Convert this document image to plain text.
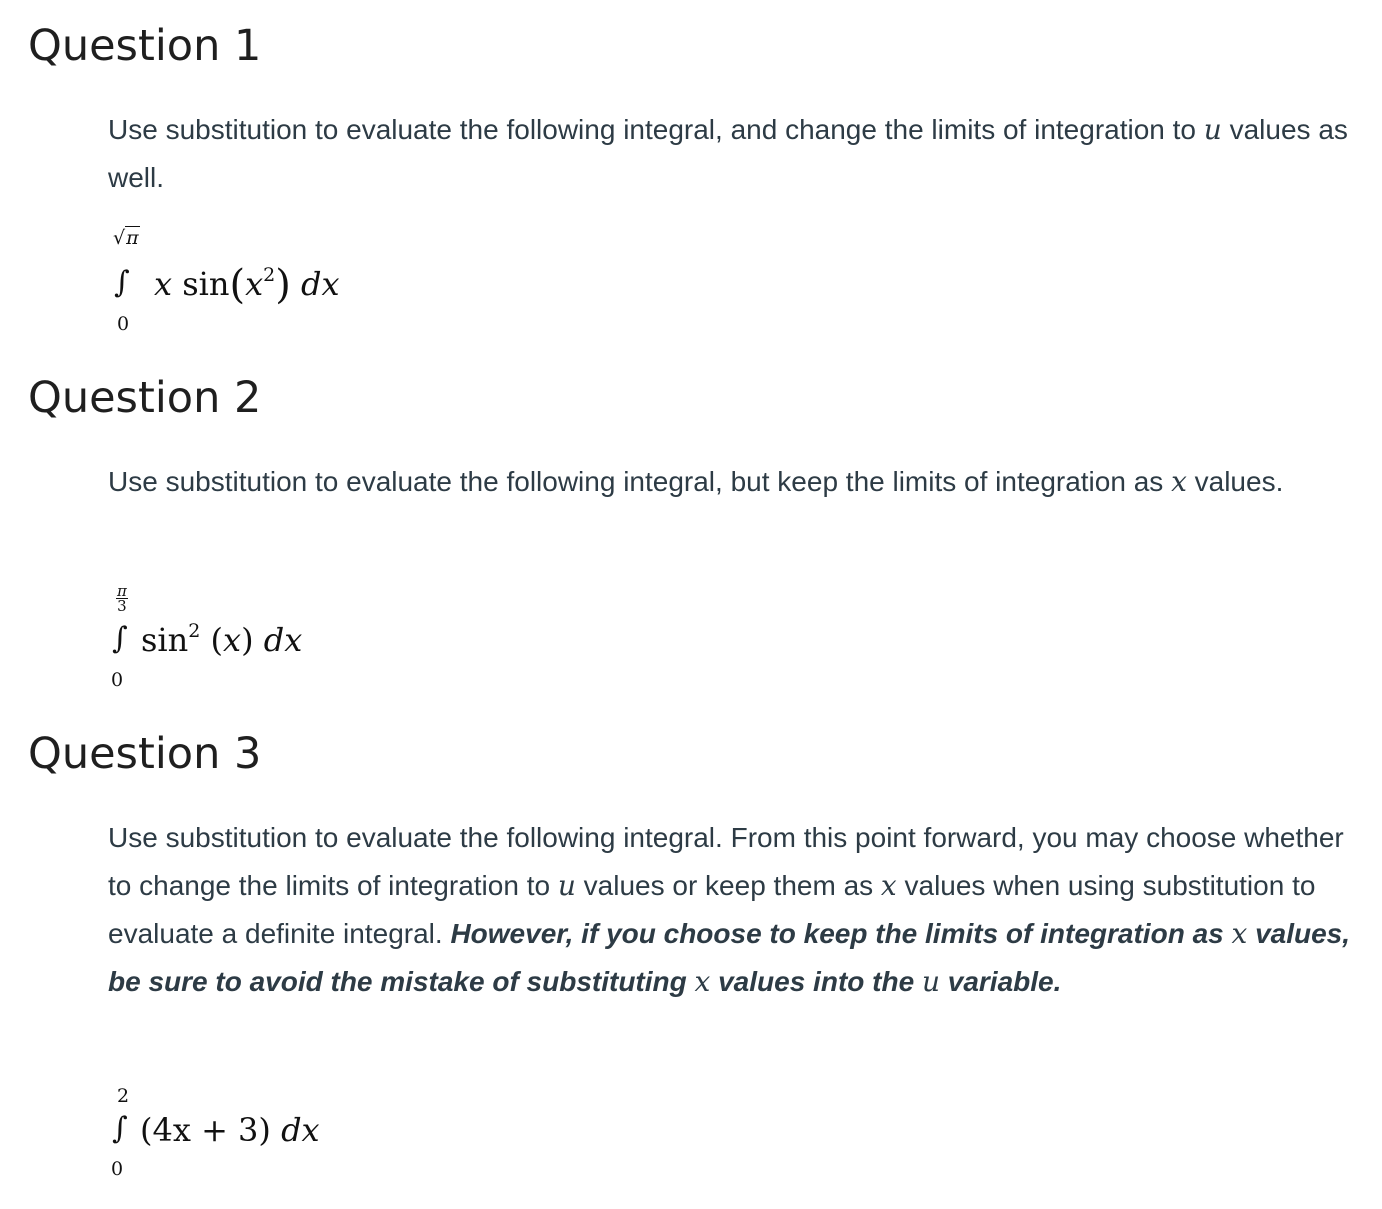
Question 1

Use substitution to evaluate the following integral, and change the limits of integration to u values as well.

√π
∫
0
x $\sin(x^2)$ dx
Question 2

Use substitution to evaluate the following integral, but keep the limits of integration as x values.

$\frac{\pi}{3}$
∫
0
$\sin^2 (x)$ dx
Question 3

Use substitution to evaluate the following integral. From this point forward, you may choose whether to change the limits of integration to u values or keep them as x values when using substitution to evaluate a definite integral. However, if you choose to keep the limits of integration as x values, be sure to avoid the mistake of substituting x values into the u variable.

2
∫
0
(4x + 3) dx
